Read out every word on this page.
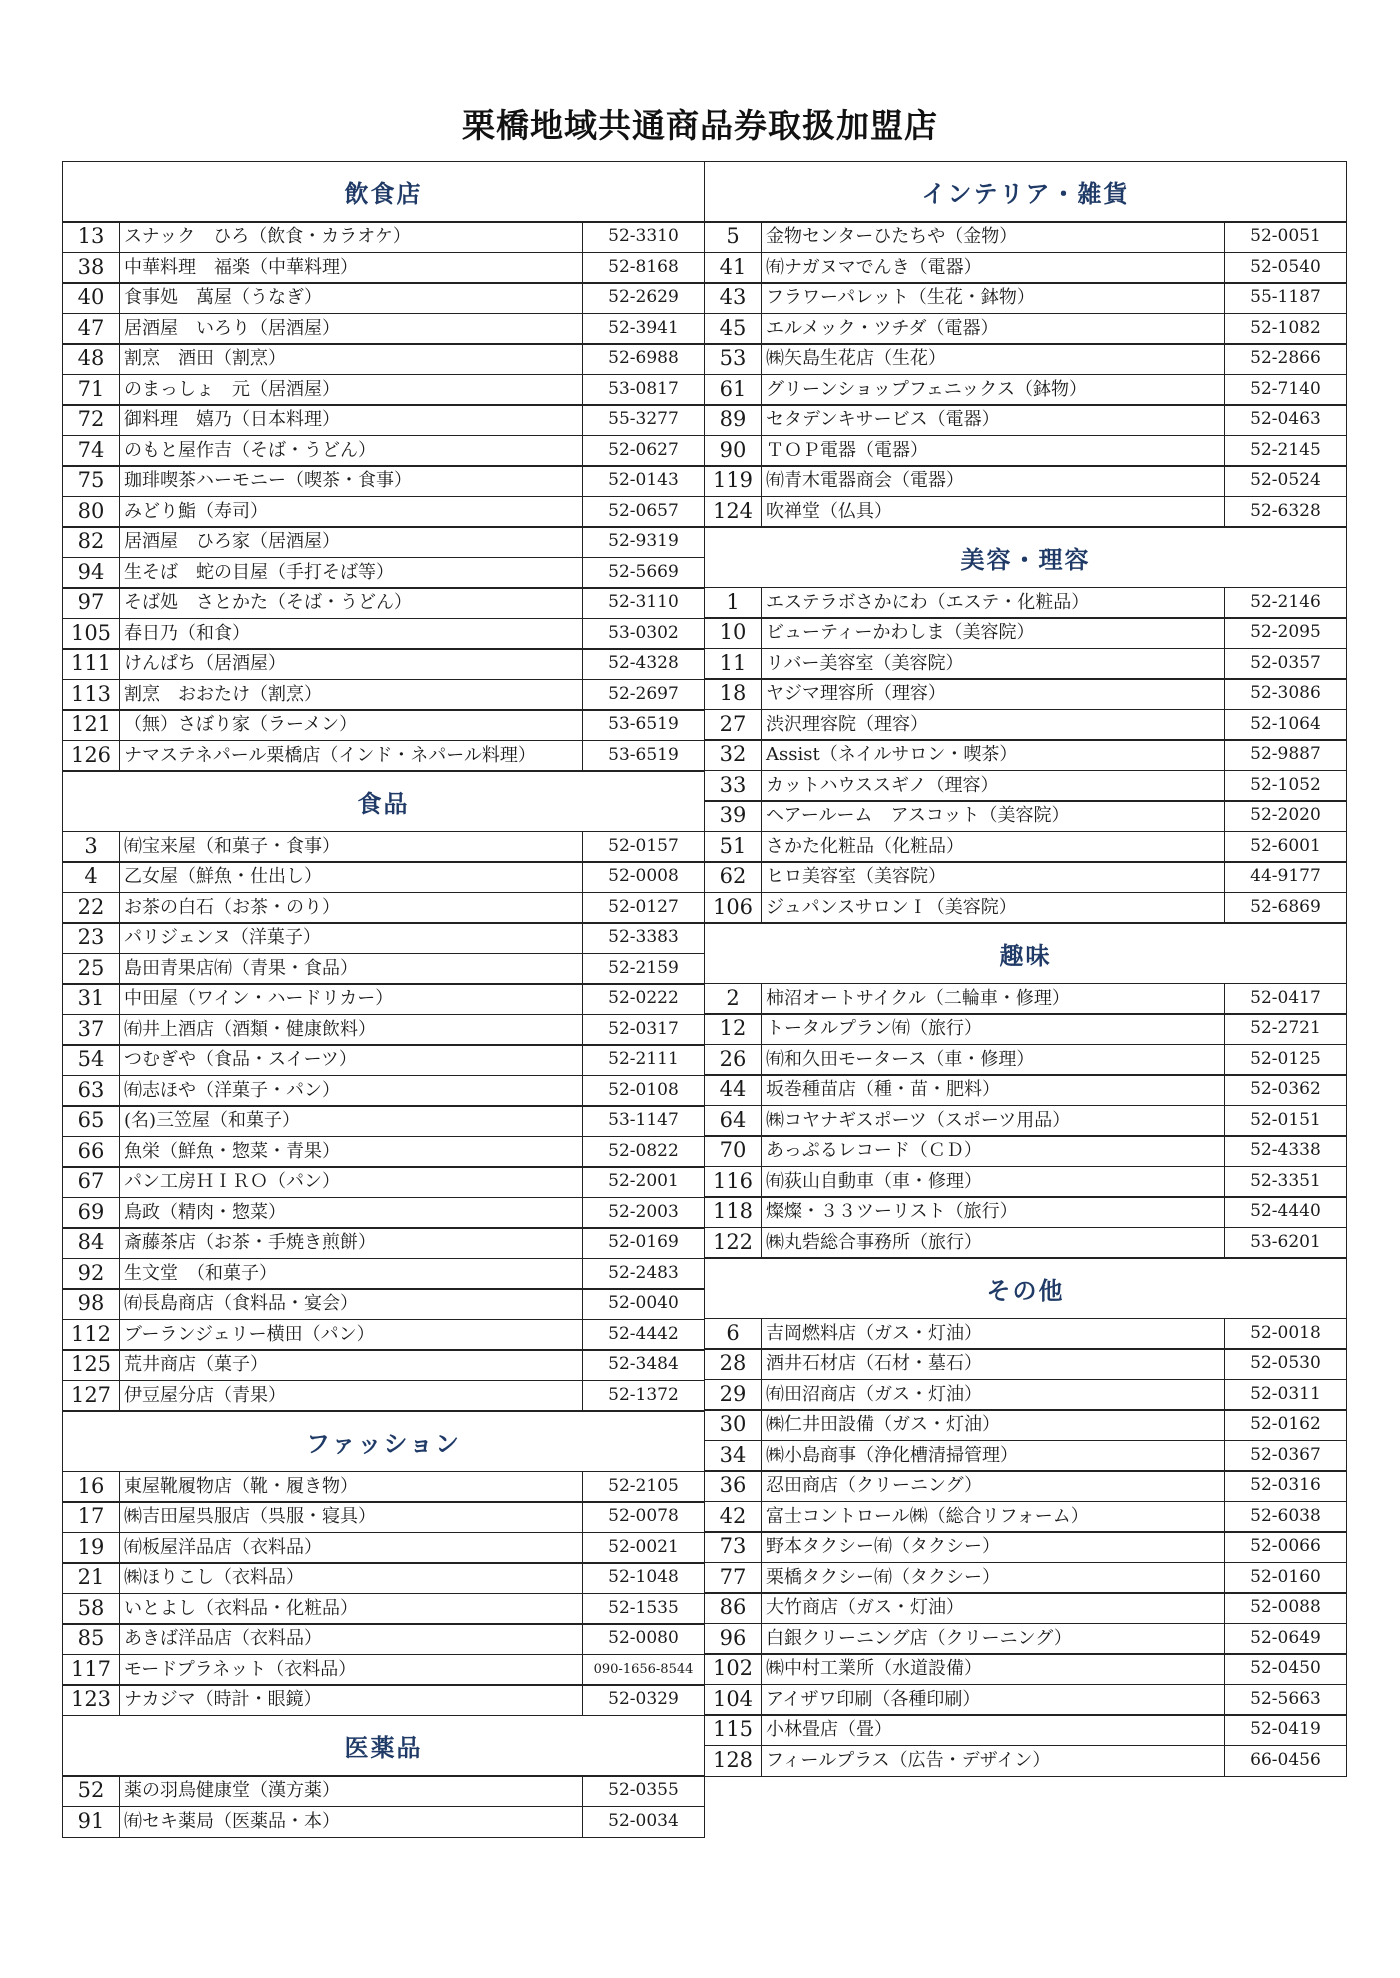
栗橋地域共通商品券取扱加盟店
飲食店
13	スナック　ひろ（飲食・カラオケ）	52-3310
38	中華料理　福楽（中華料理）	52-8168
40	食事処　萬屋（うなぎ）	52-2629
47	居酒屋　いろり（居酒屋）	52-3941
48	割烹　酒田（割烹）	52-6988
71	のまっしょ　元（居酒屋）	53-0817
72	御料理　嬉乃（日本料理）	55-3277
74	のもと屋作吉（そば・うどん）	52-0627
75	珈琲喫茶ハーモニー（喫茶・食事）	52-0143
80	みどり鮨（寿司）	52-0657
82	居酒屋　ひろ家（居酒屋）	52-9319
94	生そば　蛇の目屋（手打そば等）	52-5669
97	そば処　さとかた（そば・うどん）	52-3110
105 春日乃（和食）	53-0302
111 けんぱち（居酒屋）	52-4328
113 割烹　おおたけ（割烹）	52-2697
121 （無）さぼり家（ラーメン）	53-6519
126 ナマステネパール栗橋店（インド・ネパール料理）	53-6519
食品
3	㈲宝来屋（和菓子・食事）	52-0157
4	乙女屋（鮮魚・仕出し）	52-0008
22	お茶の白石（お茶・のり）	52-0127
23	パリジェンヌ（洋菓子）	52-3383
25	島田青果店㈲（青果・食品）	52-2159
31	中田屋（ワイン・ハードリカー）	52-0222
37	㈲井上酒店（酒類・健康飲料）	52-0317
54	つむぎや（食品・スイーツ）	52-2111
63	㈲志ほや（洋菓子・パン）	52-0108
65	(名)三笠屋（和菓子）	53-1147
66	魚栄（鮮魚・惣菜・青果）	52-0822
67	パン工房ＨＩＲＯ（パン）	52-2001
69	鳥政（精肉・惣菜）	52-2003
84	斎藤茶店（お茶・手焼き煎餅）	52-0169
92	生文堂　（和菓子）	52-2483
98	㈲長島商店（食料品・宴会）	52-0040
112 ブーランジェリー横田（パン）	52-4442
125 荒井商店（菓子）	52-3484
127 伊豆屋分店（青果）	52-1372
ファッション
16	東屋靴履物店（靴・履き物）	52-2105
17	㈱吉田屋呉服店（呉服・寝具）	52-0078
19	㈲板屋洋品店（衣料品）	52-0021
21	㈱ほりこし（衣料品）	52-1048
58	いとよし（衣料品・化粧品）	52-1535
85	あきば洋品店（衣料品）	52-0080
117 モードプラネット（衣料品）	090-1656-8544
123 ナカジマ（時計・眼鏡）	52-0329
医薬品
52	薬の羽鳥健康堂（漢方薬）	52-0355
91	㈲セキ薬局（医薬品・本）	52-0034
インテリア・雑貨
5	金物センターひたちや（金物）	52-0051
41	㈲ナガヌマでんき（電器）	52-0540
43	フラワーパレット（生花・鉢物）	55-1187
45	エルメック・ツチダ（電器）	52-1082
53	㈱矢島生花店（生花）	52-2866
61	グリーンショップフェニックス（鉢物）	52-7140
89	セタデンキサービス（電器）	52-0463
90	ＴＯＰ電器（電器）	52-2145
119 ㈲青木電器商会（電器）	52-0524
124 吹禅堂（仏具）	52-6328
美容・理容
1	エステラボさかにわ（エステ・化粧品）	52-2146
10	ビューティーかわしま（美容院）	52-2095
11	リバー美容室（美容院）	52-0357
18	ヤジマ理容所（理容）	52-3086
27	渋沢理容院（理容）	52-1064
32	Assist（ネイルサロン・喫茶）	52-9887
33	カットハウススギノ（理容）	52-1052
39	ヘアールーム　アスコット（美容院）	52-2020
51	さかた化粧品（化粧品）	52-6001
62	ヒロ美容室（美容院）	44-9177
106 ジュパンスサロンＩ（美容院）	52-6869
趣味
2	柿沼オートサイクル（二輪車・修理）	52-0417
12	トータルプラン㈲（旅行）	52-2721
26	㈲和久田モータース（車・修理）	52-0125
44	坂巻種苗店（種・苗・肥料）	52-0362
64	㈱コヤナギスポーツ（スポーツ用品）	52-0151
70	あっぷるレコード（ＣＤ）	52-4338
116 ㈲荻山自動車（車・修理）	52-3351
118 燦燦・３３ツーリスト（旅行）	52-4440
122 ㈱丸砦総合事務所（旅行）	53-6201
その他
6	吉岡燃料店（ガス・灯油）	52-0018
28	酒井石材店（石材・墓石）	52-0530
29	㈲田沼商店（ガス・灯油）	52-0311
30	㈱仁井田設備（ガス・灯油）	52-0162
34	㈱小島商事（浄化槽清掃管理）	52-0367
36	忍田商店（クリーニング）	52-0316
42	富士コントロール㈱（総合リフォーム）	52-6038
73	野本タクシー㈲（タクシー）	52-0066
77	栗橋タクシー㈲（タクシー）	52-0160
86	大竹商店（ガス・灯油）	52-0088
96	白銀クリーニング店（クリーニング）	52-0649
102 ㈱中村工業所（水道設備）	52-0450
104 アイザワ印刷（各種印刷）	52-5663
115 小林畳店（畳）	52-0419
128 フィールプラス（広告・デザイン）	66-0456
